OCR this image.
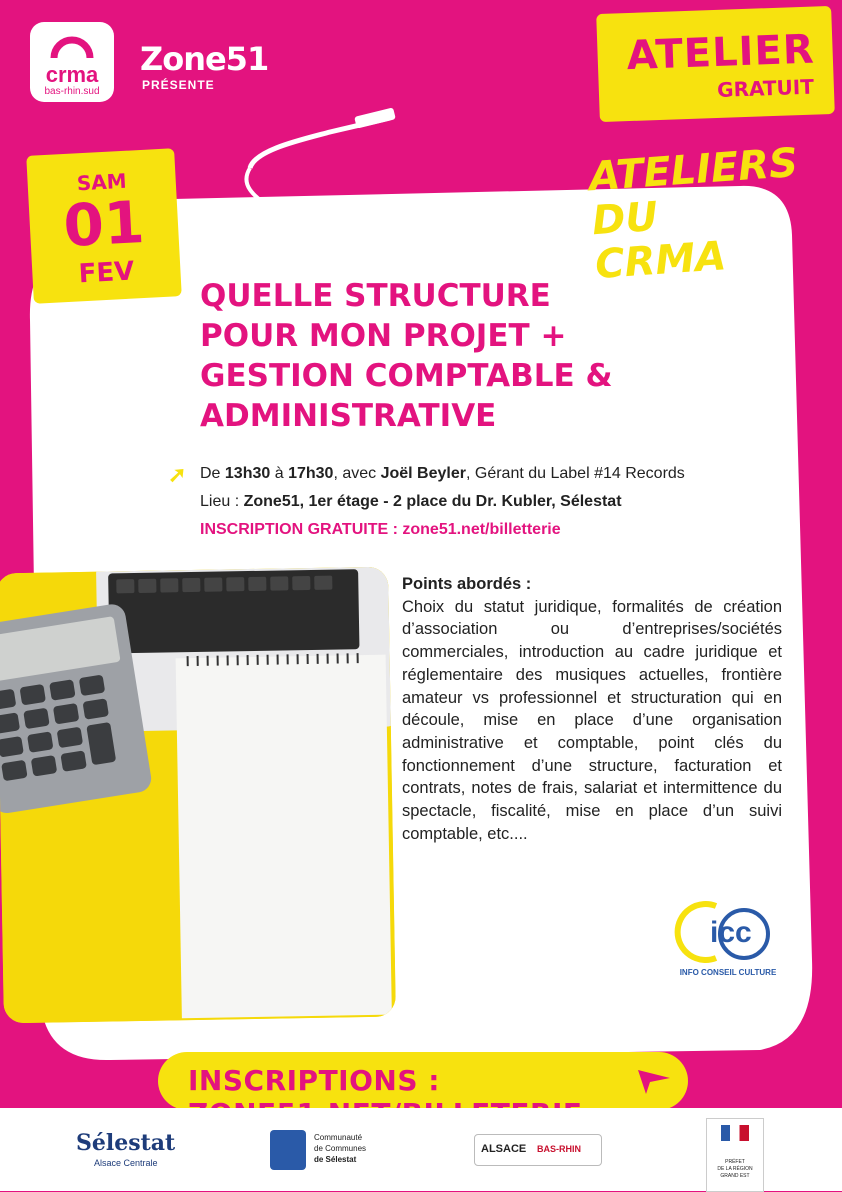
crma
bas-rhin.sud
Zone51
PRÉSENTE
ATELIER
GRATUIT
SAM
01
FEV
ATELIERS
DU CRMA
QUELLE STRUCTURE
POUR MON PROJET +
GESTION COMPTABLE &
ADMINISTRATIVE
➚ De 13h30 à 17h30, avec Joël Beyler, Gérant du Label #14 Records
Lieu : Zone51, 1er étage - 2 place du Dr. Kubler, Sélestat
INSCRIPTION GRATUITE : zone51.net/billetterie
Points abordés :
Choix du statut juridique, formalités de création d’association ou d’entreprises/sociétés commerciales, introduction au cadre juridique et réglementaire des musiques actuelles, frontière amateur vs professionnel et structuration qui en découle, mise en place d’une organisation administrative et comptable, point clés du fonctionnement d’une structure, facturation et contrats, notes de frais, salariat et intermittence du spectacle, fiscalité, mise en place d’un suivi comptable, etc....
icc
INFO CONSEIL CULTURE
INSCRIPTIONS :
Sélestat
Alsace Centrale
Communauté
de Communes
de Sélestat
ALSACE BAS-RHIN
PRÉFET
DE LA RÉGION
GRAND EST
